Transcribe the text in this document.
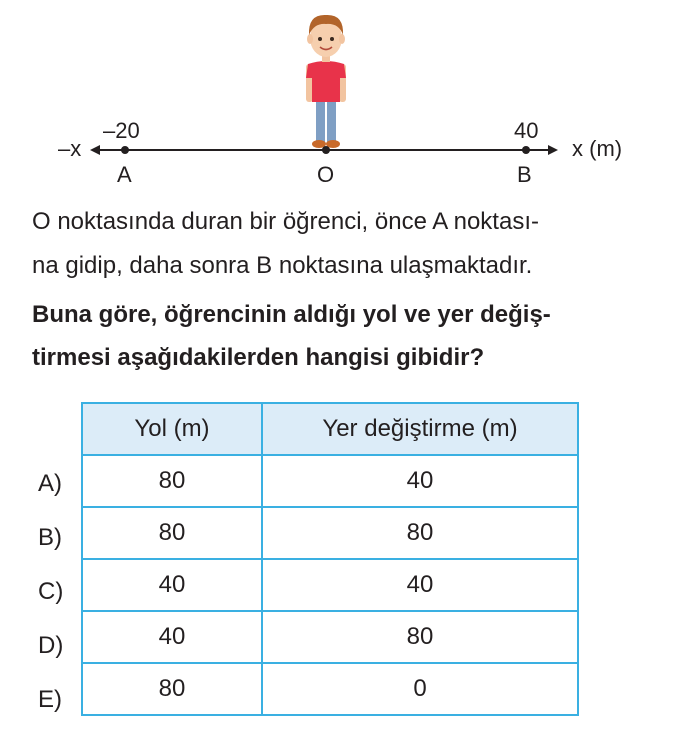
–x	x (m)
–20	40
A	O	B
O noktasında duran bir öğrenci, önce A noktası-
na gidip, daha sonra B noktasına ulaşmaktadır.
Buna göre, öğrencinin aldığı yol ve yer değiş-
tirmesi aşağıdakilerden hangisi gibidir?
A)
B)
C)
D)
E)
Yol (m)	Yer değiştirme (m)
80	40
80	80
40	40
40	80
80	0
